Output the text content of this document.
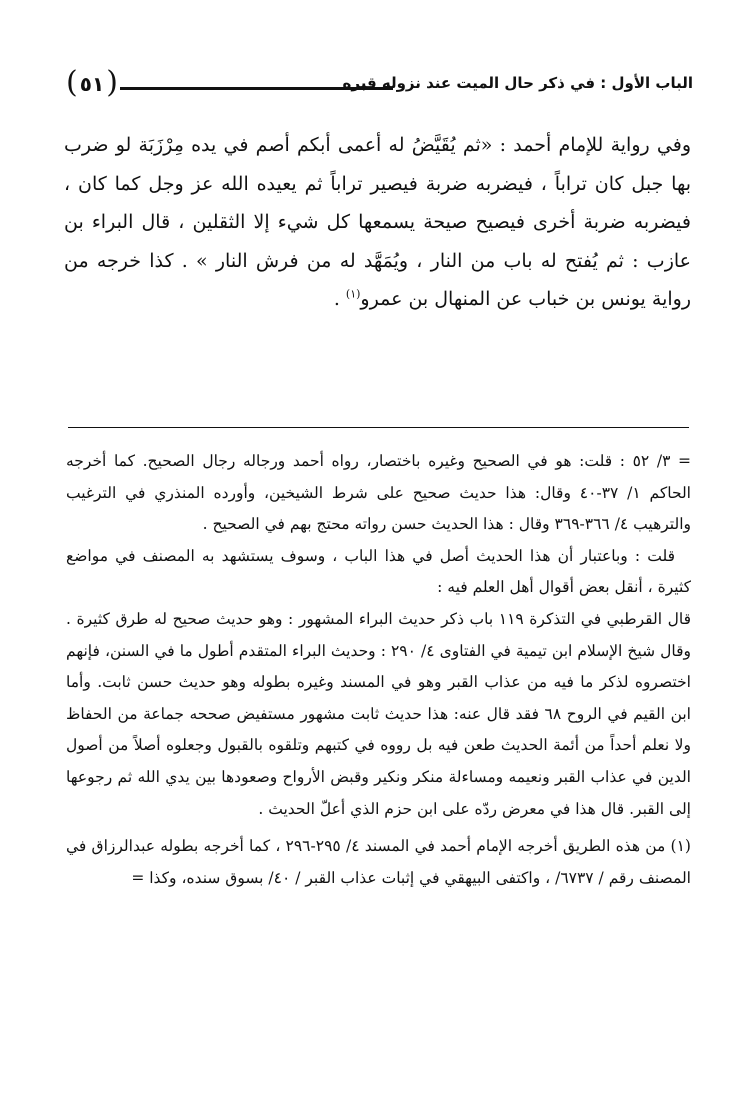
الباب الأول : في ذكر حال الميت عند نزوله قبره
( ٥١ )

وفي رواية للإمام أحمد : «ثم يُقَيَّضُ له أعمى أبكم أصم في يده مِرْزَبَة لو ضرب بها جبل كان تراباً ، فيضربه ضربة فيصير تراباً ثم يعيده الله عز وجل كما كان ، فيضربه ضربة أخرى فيصيح صيحة يسمعها كل شيء إلا الثقلين ، قال البراء بن عازب : ثم يُفتح له باب من النار ، ويُمَهَّد له من فرش النار » . كذا خرجه من رواية يونس بن خباب عن المنهال بن عمرو$^{(١)}$ .

= ٣/ ٥٢ : قلت: هو في الصحيح وغيره باختصار، رواه أحمد ورجاله رجال الصحيح. كما أخرجه الحاكم ١/ ٣٧-٤٠ وقال: هذا حديث صحيح على شرط الشيخين، وأورده المنذري في الترغيب والترهيب ٤/ ٣٦٦-٣٦٩ وقال : هذا الحديث حسن رواته محتج بهم في الصحيح .

قلت : وباعتبار أن هذا الحديث أصل في هذا الباب ، وسوف يستشهد به المصنف في مواضع كثيرة ، أنقل بعض أقوال أهل العلم فيه :

قال القرطبي في التذكرة ١١٩ باب ذكر حديث البراء المشهور : وهو حديث صحيح له طرق كثيرة . وقال شيخ الإسلام ابن تيمية في الفتاوى ٤/ ٢٩٠ : وحديث البراء المتقدم أطول ما في السنن، فإنهم اختصروه لذكر ما فيه من عذاب القبر وهو في المسند وغيره بطوله وهو حديث حسن ثابت. وأما ابن القيم في الروح ٦٨ فقد قال عنه: هذا حديث ثابت مشهور مستفيض صححه جماعة من الحفاظ ولا نعلم أحداً من أئمة الحديث طعن فيه بل رووه في كتبهم وتلقوه بالقبول وجعلوه أصلاً من أصول الدين في عذاب القبر ونعيمه ومساءلة منكر ونكير وقبض الأرواح وصعودها بين يدي الله ثم رجوعها إلى القبر. قال هذا في معرض ردّه على ابن حزم الذي أعلّ الحديث .

(١) من هذه الطريق أخرجه الإمام أحمد في المسند ٤/ ٢٩٥-٢٩٦ ، كما أخرجه بطوله عبدالرزاق في المصنف رقم / ٦٧٣٧/ ، واكتفى البيهقي في إثبات عذاب القبر / ٤٠/ بسوق سنده، وكذا =
